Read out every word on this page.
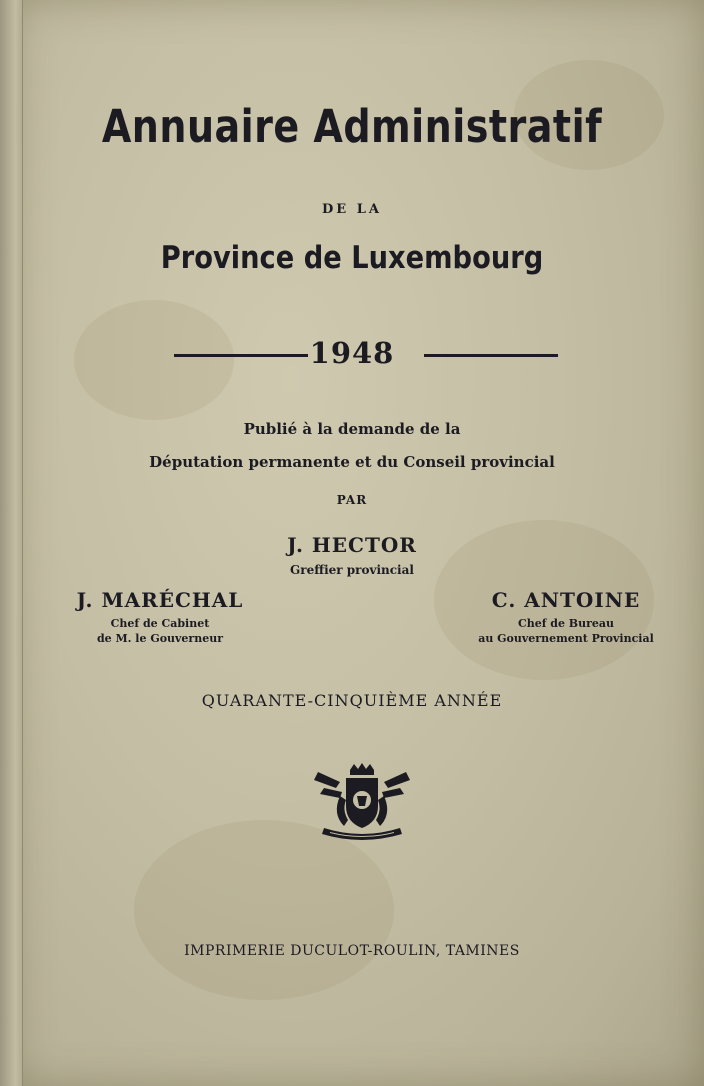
Annuaire Administratif
DE LA
Province de Luxembourg
1948
Publié à la demande de la
Députation permanente et du Conseil provincial
PAR
J. HECTOR
Greffier provincial
J. MARÉCHAL
Chef de Cabinet
de M. le Gouverneur
C. ANTOINE
Chef de Bureau
au Gouvernement Provincial
QUARANTE-CINQUIÈME ANNÉE
IMPRIMERIE DUCULOT-ROULIN, TAMINES
